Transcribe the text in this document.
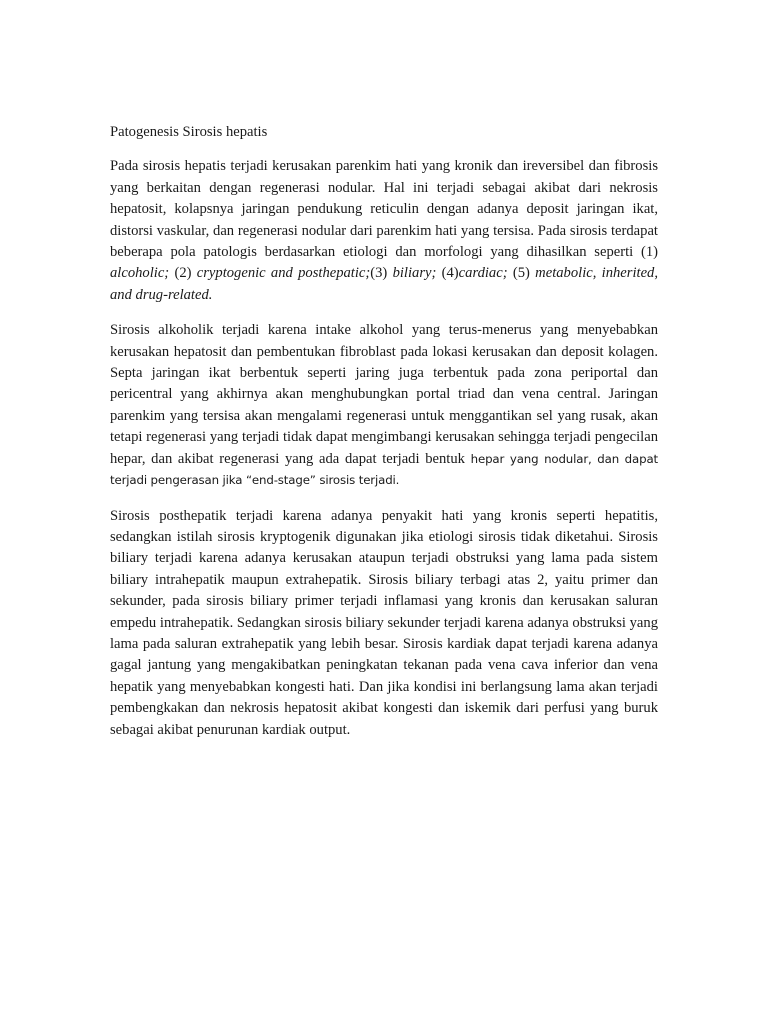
Patogenesis Sirosis hepatis

Pada sirosis hepatis terjadi kerusakan parenkim hati yang kronik dan ireversibel dan fibrosis yang berkaitan dengan regenerasi nodular. Hal ini terjadi sebagai akibat dari nekrosis hepatosit, kolapsnya jaringan pendukung reticulin dengan adanya deposit jaringan ikat, distorsi vaskular, dan regenerasi nodular dari parenkim hati yang tersisa. Pada sirosis terdapat beberapa pola patologis berdasarkan etiologi dan morfologi yang dihasilkan seperti (1) alcoholic; (2) cryptogenic and posthepatic;(3) biliary; (4)cardiac; (5) metabolic, inherited, and drug-related.

Sirosis alkoholik terjadi karena intake alkohol yang terus-menerus yang menyebabkan kerusakan hepatosit dan pembentukan fibroblast pada lokasi kerusakan dan deposit kolagen. Septa jaringan ikat berbentuk seperti jaring juga terbentuk pada zona periportal dan pericentral yang akhirnya akan menghubungkan portal triad dan vena central. Jaringan parenkim yang tersisa akan mengalami regenerasi untuk menggantikan sel yang rusak, akan tetapi regenerasi yang terjadi tidak dapat mengimbangi kerusakan sehingga terjadi pengecilan hepar, dan akibat regenerasi yang ada dapat terjadi bentuk hepar yang nodular, dan dapat terjadi pengerasan jika “end-stage” sirosis terjadi.

Sirosis posthepatik terjadi karena adanya penyakit hati yang kronis seperti hepatitis, sedangkan istilah sirosis kryptogenik digunakan jika etiologi sirosis tidak diketahui. Sirosis biliary terjadi karena adanya kerusakan ataupun terjadi obstruksi yang lama pada sistem biliary intrahepatik maupun extrahepatik. Sirosis biliary terbagi atas 2, yaitu primer dan sekunder, pada sirosis biliary primer terjadi inflamasi yang kronis dan kerusakan saluran empedu intrahepatik. Sedangkan sirosis biliary sekunder terjadi karena adanya obstruksi yang lama pada saluran extrahepatik yang lebih besar. Sirosis kardiak dapat terjadi karena adanya gagal jantung yang mengakibatkan peningkatan tekanan pada vena cava inferior dan vena hepatik yang menyebabkan kongesti hati. Dan jika kondisi ini berlangsung lama akan terjadi pembengkakan dan nekrosis hepatosit akibat kongesti dan iskemik dari perfusi yang buruk sebagai akibat penurunan kardiak output.
